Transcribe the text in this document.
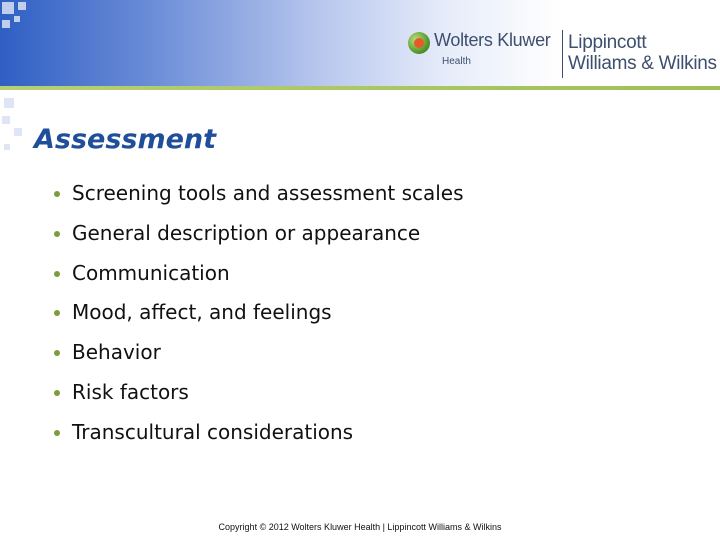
Wolters Kluwer
Health
Lippincott
Williams & Wilkins
Assessment
Screening tools and assessment scales
General description or appearance
Communication
Mood, affect, and feelings
Behavior
Risk factors
Transcultural considerations
Copyright © 2012 Wolters Kluwer Health | Lippincott Williams & Wilkins
